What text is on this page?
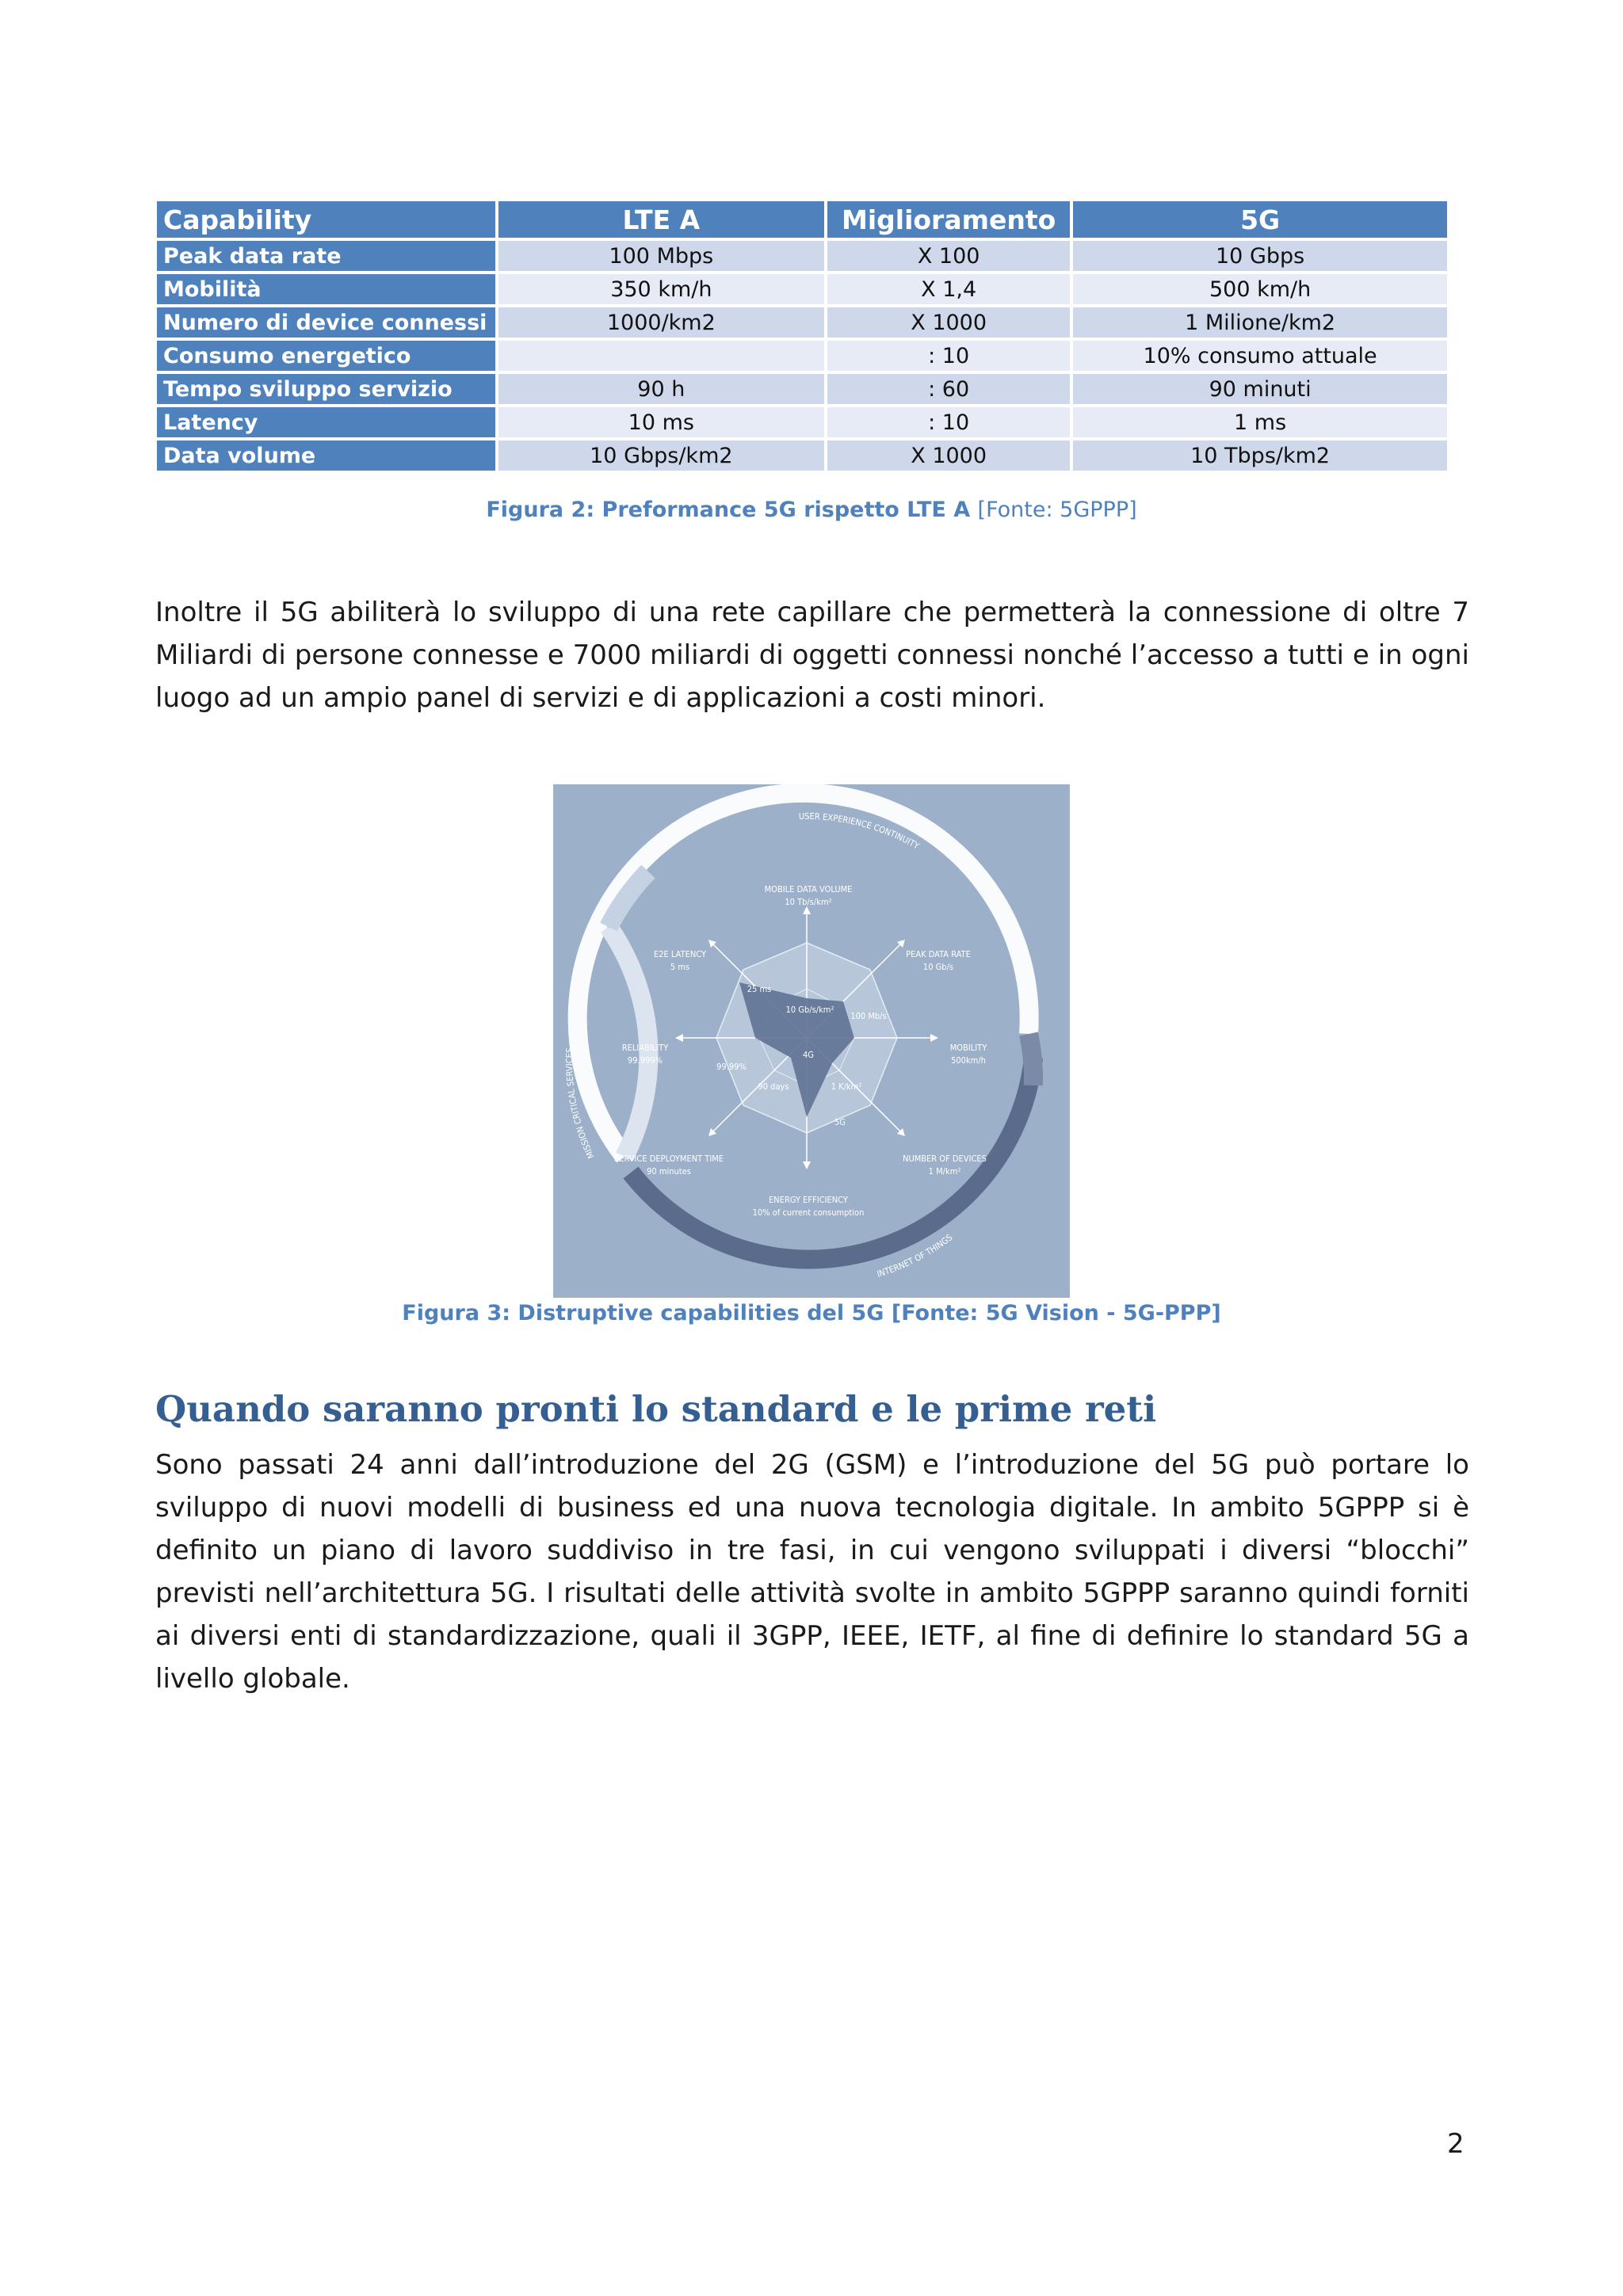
Capability	LTE A	Miglioramento	5G
Peak data rate	100 Mbps	X 100	10 Gbps
Mobilità	350 km/h	X 1,4	500 km/h
Numero di device connessi	1000/km2	X 1000	1 Milione/km2
Consumo energetico		: 10	10% consumo attuale
Tempo sviluppo servizio	90 h	: 60	90 minuti
Latency	10 ms	: 10	1 ms
Data volume	10 Gbps/km2	X 1000	10 Tbps/km2
Figura 2: Preformance 5G rispetto LTE A [Fonte: 5GPPP]

Inoltre il 5G abiliterà lo sviluppo di una rete capillare che permetterà la connessione di oltre 7 Miliardi di persone connesse e 7000 miliardi di oggetti connessi nonché l’accesso a tutti e in ogni luogo ad un ampio panel di servizi e di applicazioni a costi minori.

USER EXPERIENCE CONTINUITY
MISSION CRITICAL SERVICES
INTERNET OF THINGS
4G
5G
25 ms
10 Gb/s/km²
100 Mb/s
99.99%
90 days	1 K/km²
MOBILE DATA VOLUME
10 Tb/s/km²
PEAK DATA RATE
10 Gb/s
MOBILITY
500km/h
NUMBER OF DEVICES
1 M/km²
ENERGY EFFICIENCY
10% of current consumption
SERVICE DEPLOYMENT TIME
90 minutes
RELIABILITY
99.999%
E2E LATENCY
5 ms
Figura 3: Distruptive capabilities del 5G [Fonte: 5G Vision - 5G-PPP]
Quando saranno pronti lo standard e le prime reti

Sono passati 24 anni dall’introduzione del 2G (GSM) e l’introduzione del 5G può portare lo sviluppo di nuovi modelli di business ed una nuova tecnologia digitale. In ambito 5GPPP si è definito un piano di lavoro suddiviso in tre fasi, in cui vengono sviluppati i diversi “blocchi” previsti nell’architettura 5G. I risultati delle attività svolte in ambito 5GPPP saranno quindi forniti ai diversi enti di standardizzazione, quali il 3GPP, IEEE, IETF, al fine di definire lo standard 5G a livello globale.

2
